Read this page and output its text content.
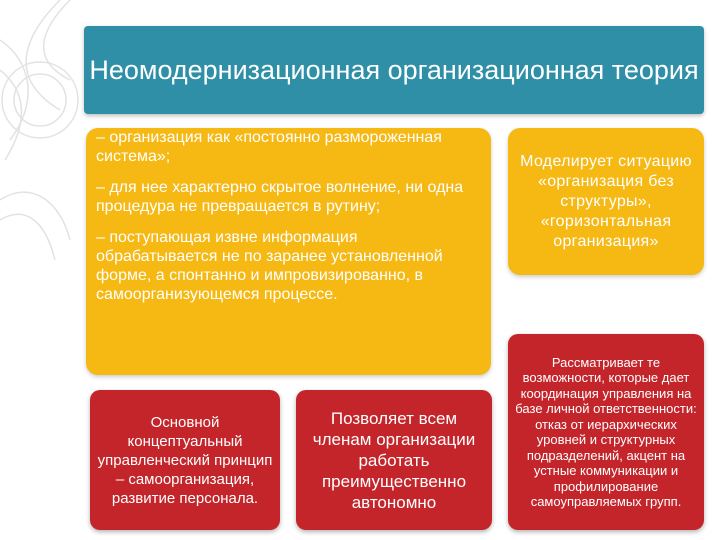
Неомодернизационная организационная теория

– организация как «постоянно размороженная система»;

– для нее характерно скрытое волнение, ни одна процедура не превращается в рутину;

– поступающая извне информация обрабатывается не по заранее установленной форме, а спонтанно и импровизированно, в самоорганизующемся процессе.

Моделирует ситуацию «организация без структуры», «горизонтальная организация»
Основной концептуальный управленческий принцип – самоорганизация, развитие персонала.
Позволяет всем членам организации работать преимущественно автономно
Рассматривает те возможности, которые дает координация управления на базе личной ответственности: отказ от иерархических уровней и структурных подразделений, акцент на устные коммуникации и профилирование самоуправляемых групп.
